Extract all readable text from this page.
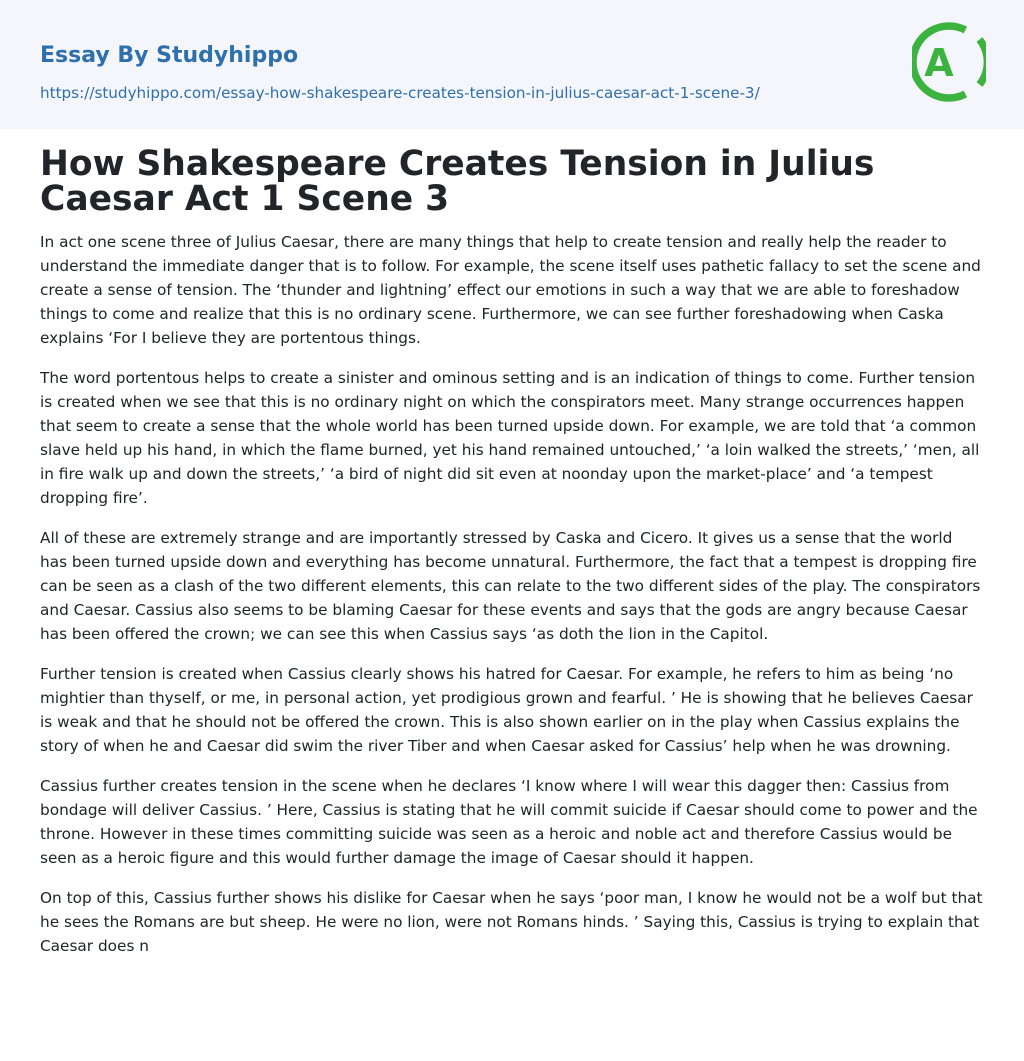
Essay By Studyhippo
https://studyhippo.com/essay-how-shakespeare-creates-tension-in-julius-caesar-act-1-scene-3/
A
How Shakespeare Creates Tension in Julius Caesar Act 1 Scene 3

In act one scene three of Julius Caesar, there are many things that help to create tension and really help the reader to understand the immediate danger that is to follow. For example, the scene itself uses pathetic fallacy to set the scene and create a sense of tension. The ‘thunder and lightning’ effect our emotions in such a way that we are able to foreshadow things to come and realize that this is no ordinary scene. Furthermore, we can see further foreshadowing when Caska explains ‘For I believe they are portentous things.

The word portentous helps to create a sinister and ominous setting and is an indication of things to come. Further tension is created when we see that this is no ordinary night on which the conspirators meet. Many strange occurrences happen that seem to create a sense that the whole world has been turned upside down. For example, we are told that ‘a common slave held up his hand, in which the flame burned, yet his hand remained untouched,’ ‘a loin walked the streets,’ ‘men, all in fire walk up and down the streets,’ ‘a bird of night did sit even at noonday upon the market-place’ and ‘a tempest dropping fire’.

All of these are extremely strange and are importantly stressed by Caska and Cicero. It gives us a sense that the world has been turned upside down and everything has become unnatural. Furthermore, the fact that a tempest is dropping fire can be seen as a clash of the two different elements, this can relate to the two different sides of the play. The conspirators and Caesar. Cassius also seems to be blaming Caesar for these events and says that the gods are angry because Caesar has been offered the crown; we can see this when Cassius says ‘as doth the lion in the Capitol.

Further tension is created when Cassius clearly shows his hatred for Caesar. For example, he refers to him as being ‘no mightier than thyself, or me, in personal action, yet prodigious grown and fearful. ’ He is showing that he believes Caesar is weak and that he should not be offered the crown. This is also shown earlier on in the play when Cassius explains the story of when he and Caesar did swim the river Tiber and when Caesar asked for Cassius’ help when he was drowning.

Cassius further creates tension in the scene when he declares ‘I know where I will wear this dagger then: Cassius from bondage will deliver Cassius. ’ Here, Cassius is stating that he will commit suicide if Caesar should come to power and the throne. However in these times committing suicide was seen as a heroic and noble act and therefore Cassius would be seen as a heroic figure and this would further damage the image of Caesar should it happen.

On top of this, Cassius further shows his dislike for Caesar when he says ‘poor man, I know he would not be a wolf but that he sees the Romans are but sheep. He were no lion, were not Romans hinds. ’ Saying this, Cassius is trying to explain that Caesar does n
